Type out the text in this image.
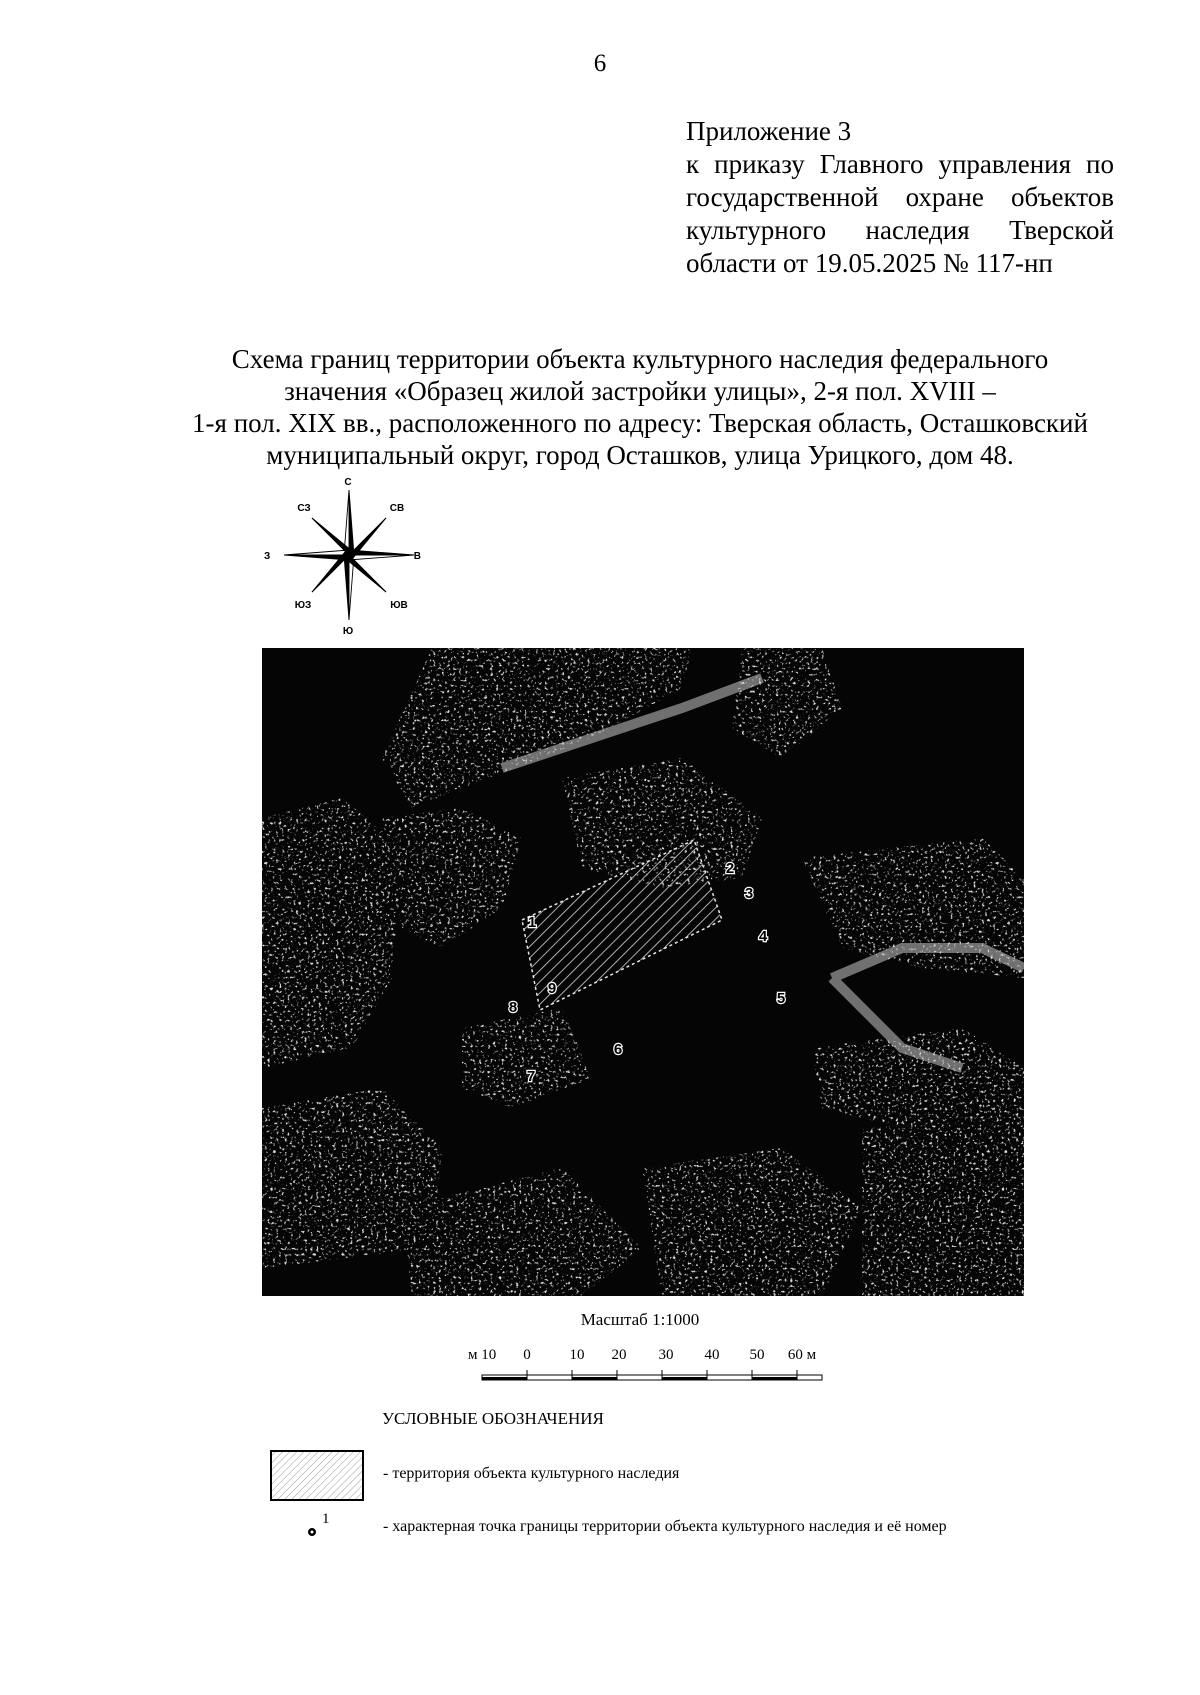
6
Приложение 3
к приказу Главного управления по
государственной охране объектов
культурного наследия Тверской
области от 19.05.2025 № 117-нп
Схема границ территории объекта культурного наследия федерального
значения «Образец жилой застройки улицы», 2-я пол. XVIII –
1-я пол. XIX вв., расположенного по адресу: Тверская область, Осташковский
муниципальный округ, город Осташков, улица Урицкого, дом 48.
С
СВ
В
ЮВ
Ю
ЮЗ
З
СЗ
1
2
3
4
5
6
7
8
9
Масштаб 1:1000
м 10 0	10 20 30 40 50 60 м
УСЛОВНЫЕ ОБОЗНАЧЕНИЯ
- территория объекта культурного наследия
1	- характерная точка границы территории объекта культурного наследия и её номер
